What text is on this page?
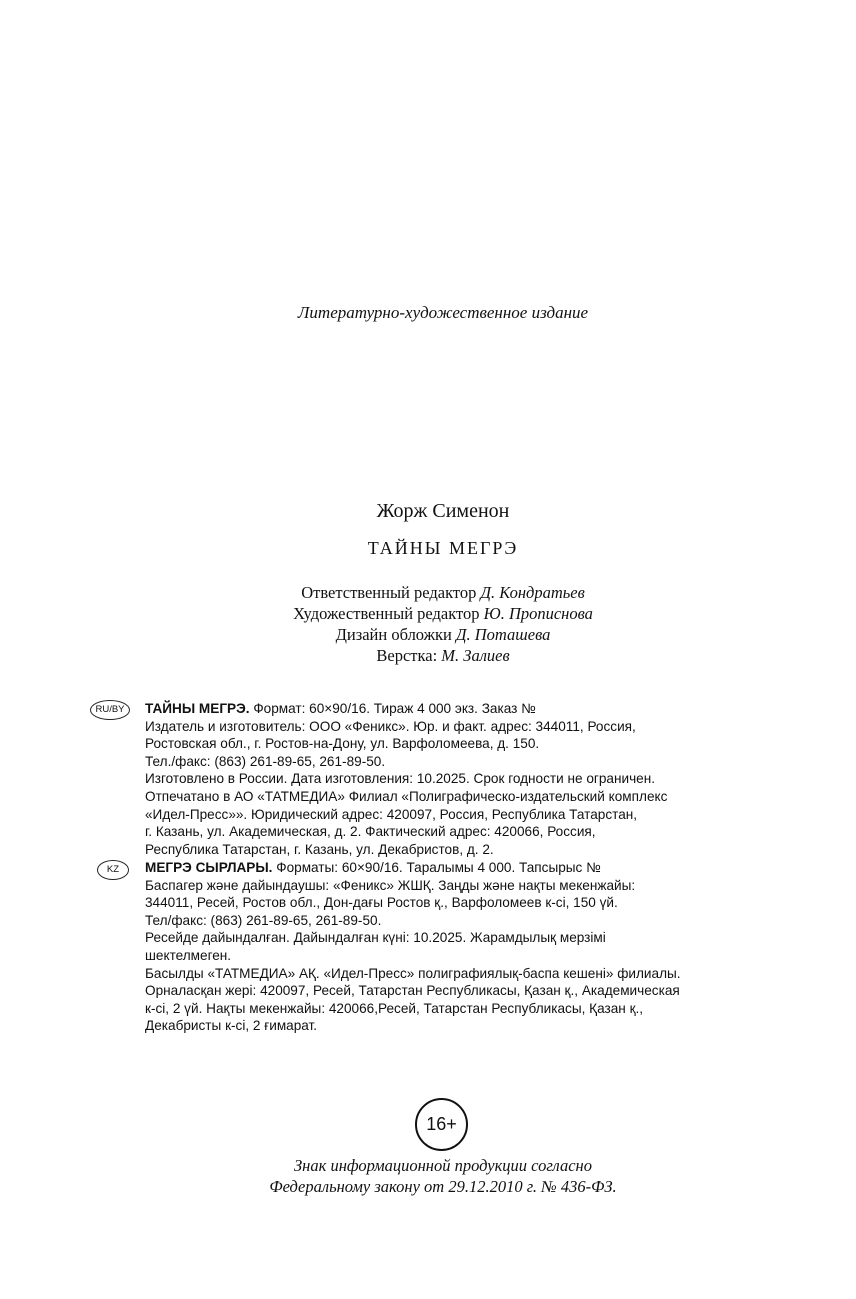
Литературно-художественное издание
Жорж Сименон
ТАЙНЫ МЕГРЭ
Ответственный редактор Д. Кондратьев
Художественный редактор Ю. Прописнова
Дизайн обложки Д. Поташева
Верстка: М. Залиев
RU/BY	ТАЙНЫ МЕГРЭ. Формат: 60×90/16. Тираж 4 000 экз. Заказ №

Издатель и изготовитель: ООО «Феникс». Юр. и факт. адрес: 344011, Россия,

Ростовская обл., г. Ростов-на-Дону, ул. Варфоломеева, д. 150.

Тел./факс: (863) 261-89-65, 261-89-50.

Изготовлено в России. Дата изготовления: 10.2025. Срок годности не ограничен.

Отпечатано в АО «ТАТМЕДИА» Филиал «Полиграфическо-издательский комплекс

«Идел-Пресс»». Юридический адрес: 420097, Россия, Республика Татарстан,

г. Казань, ул. Академическая, д. 2. Фактический адрес: 420066, Россия,

Республика Татарстан, г. Казань, ул. Декабристов, д. 2.

KZ	МЕГРЭ СЫРЛАРЫ. Форматы: 60×90/16. Таралымы 4 000. Тапсырыс №

Баспагер және дайындаушы: «Феникс» ЖШҚ. Заңды және нақты мекенжайы:

344011, Ресей, Ростов обл., Дон-дағы Ростов қ., Варфоломеев к-сі, 150 үй.

Тел/факс: (863) 261-89-65, 261-89-50.

Ресейде дайындалған. Дайындалған күні: 10.2025. Жарамдылық мерзімі

шектелмеген.

Басылды «ТАТМЕДИА» АҚ. «Идел-Пресс» полиграфиялық-баспа кешені» филиалы.

Орналасқан жері: 420097, Ресей, Татарстан Республикасы, Қазан қ., Академическая

к-сі, 2 үй. Нақты мекенжайы: 420066,Ресей, Татарстан Республикасы, Қазан қ.,

Декабристы к-сі, 2 ғимарат.

16+
Знак информационной продукции согласно
Федеральному закону от 29.12.2010 г. № 436-ФЗ.
